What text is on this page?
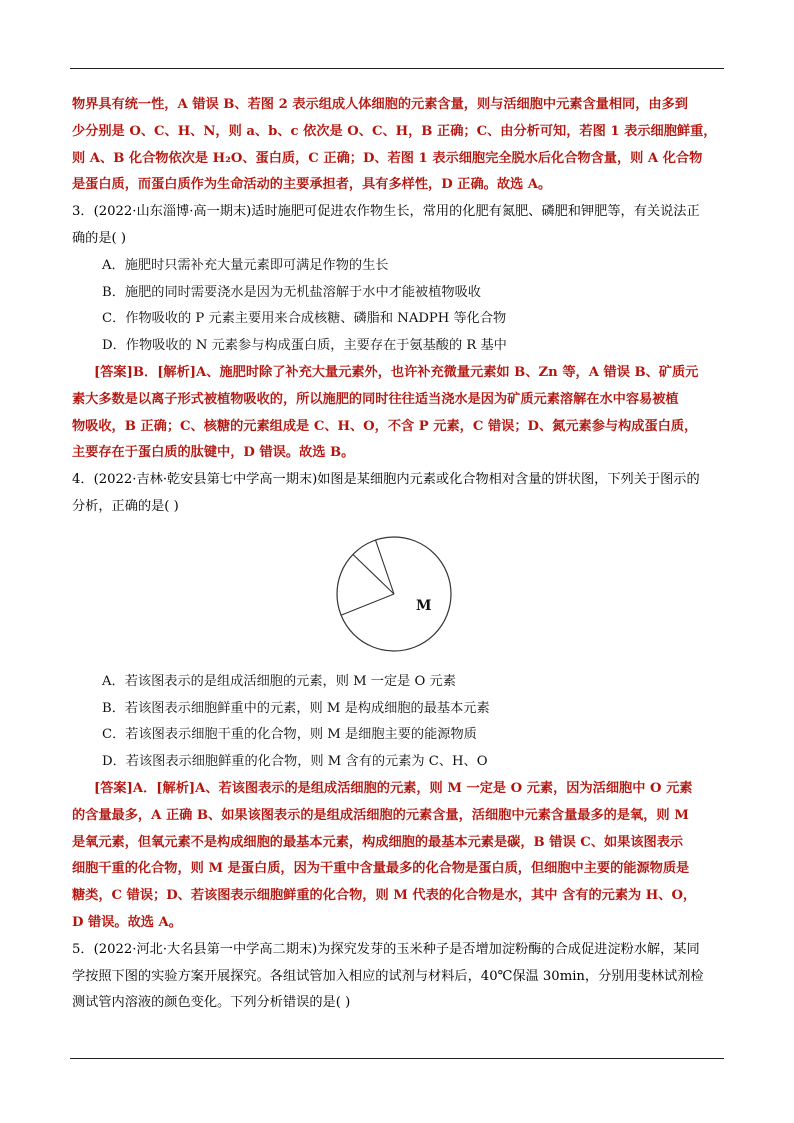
物界具有统一性，A 错误 B、若图 2 表示组成人体细胞的元素含量，则与活细胞中元素含量相同，由多到
少分别是 O、C、H、N，则 a、b、c 依次是 O、C、H，B 正确；C、由分析可知，若图 1 表示细胞鲜重，
则 A、B 化合物依次是 H₂O、蛋白质，C 正确；D、若图 1 表示细胞完全脱水后化合物含量，则 A 化合物
是蛋白质，而蛋白质作为生命活动的主要承担者，具有多样性，D 正确。故选 A。
3．(2022·山东淄博·高一期末)适时施肥可促进农作物生长，常用的化肥有氮肥、磷肥和钾肥等，有关说法正
确的是( )
A．施肥时只需补充大量元素即可满足作物的生长
B．施肥的同时需要浇水是因为无机盐溶解于水中才能被植物吸收
C．作物吸收的 P 元素主要用来合成核糖、磷脂和 NADPH 等化合物
D．作物吸收的 N 元素参与构成蛋白质，主要存在于氨基酸的 R 基中
[答案]B．[解析]A、施肥时除了补充大量元素外，也许补充微量元素如 B、Zn 等，A 错误 B、矿质元
素大多数是以离子形式被植物吸收的，所以施肥的同时往往适当浇水是因为矿质元素溶解在水中容易被植
物吸收，B 正确；C、核糖的元素组成是 C、H、O，不含 P 元素，C 错误；D、氮元素参与构成蛋白质，
主要存在于蛋白质的肽键中，D 错误。故选 B。
4．(2022·吉林·乾安县第七中学高一期末)如图是某细胞内元素或化合物相对含量的饼状图，下列关于图示的
分析，正确的是( )
M
A．若该图表示的是组成活细胞的元素，则 M 一定是 O 元素
B．若该图表示细胞鲜重中的元素，则 M 是构成细胞的最基本元素
C．若该图表示细胞干重的化合物，则 M 是细胞主要的能源物质
D．若该图表示细胞鲜重的化合物，则 M 含有的元素为 C、H、O
[答案]A．[解析]A、若该图表示的是组成活细胞的元素，则 M 一定是 O 元素，因为活细胞中 O 元素
的含量最多，A 正确 B、如果该图表示的是组成活细胞的元素含量，活细胞中元素含量最多的是氧，则 M
是氧元素，但氧元素不是构成细胞的最基本元素，构成细胞的最基本元素是碳，B 错误 C、如果该图表示
细胞干重的化合物，则 M 是蛋白质，因为干重中含量最多的化合物是蛋白质，但细胞中主要的能源物质是
糖类，C 错误；D、若该图表示细胞鲜重的化合物，则 M 代表的化合物是水，其中 含有的元素为 H、O，
D 错误。故选 A。
5．(2022·河北·大名县第一中学高二期末)为探究发芽的玉米种子是否增加淀粉酶的合成促进淀粉水解，某同
学按照下图的实验方案开展探究。各组试管加入相应的试剂与材料后，40℃保温 30min，分别用斐林试剂检
测试管内溶液的颜色变化。下列分析错误的是( )
